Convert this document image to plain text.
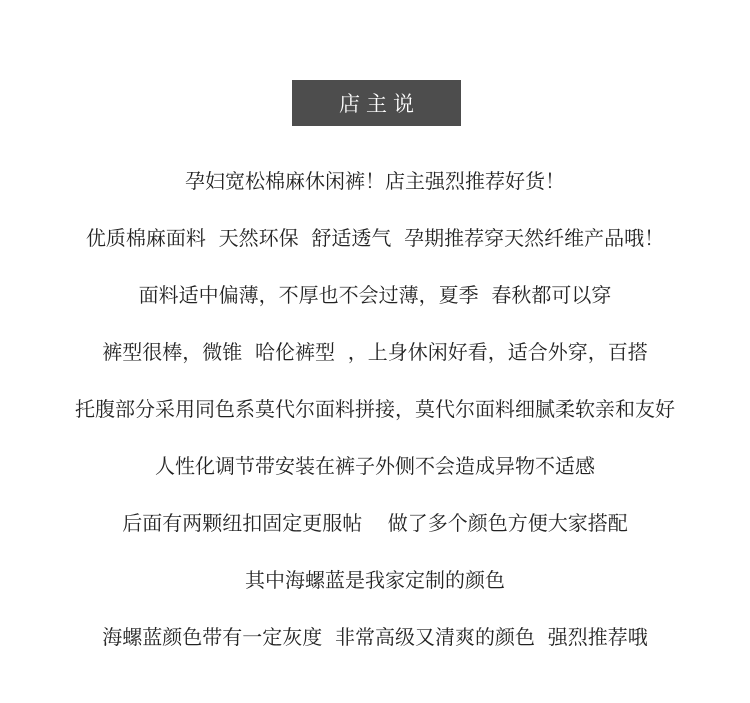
店主说
孕妇宽松棉麻休闲裤！店主强烈推荐好货！
优质棉麻面料  天然环保  舒适透气  孕期推荐穿天然纤维产品哦！
面料适中偏薄，不厚也不会过薄，夏季  春秋都可以穿
裤型很棒，微锥  哈伦裤型  ，上身休闲好看，适合外穿，百搭
托腹部分采用同色系莫代尔面料拼接，莫代尔面料细腻柔软亲和友好
人性化调节带安装在裤子外侧不会造成异物不适感
后面有两颗纽扣固定更服帖    做了多个颜色方便大家搭配
其中海螺蓝是我家定制的颜色
海螺蓝颜色带有一定灰度  非常高级又清爽的颜色  强烈推荐哦
